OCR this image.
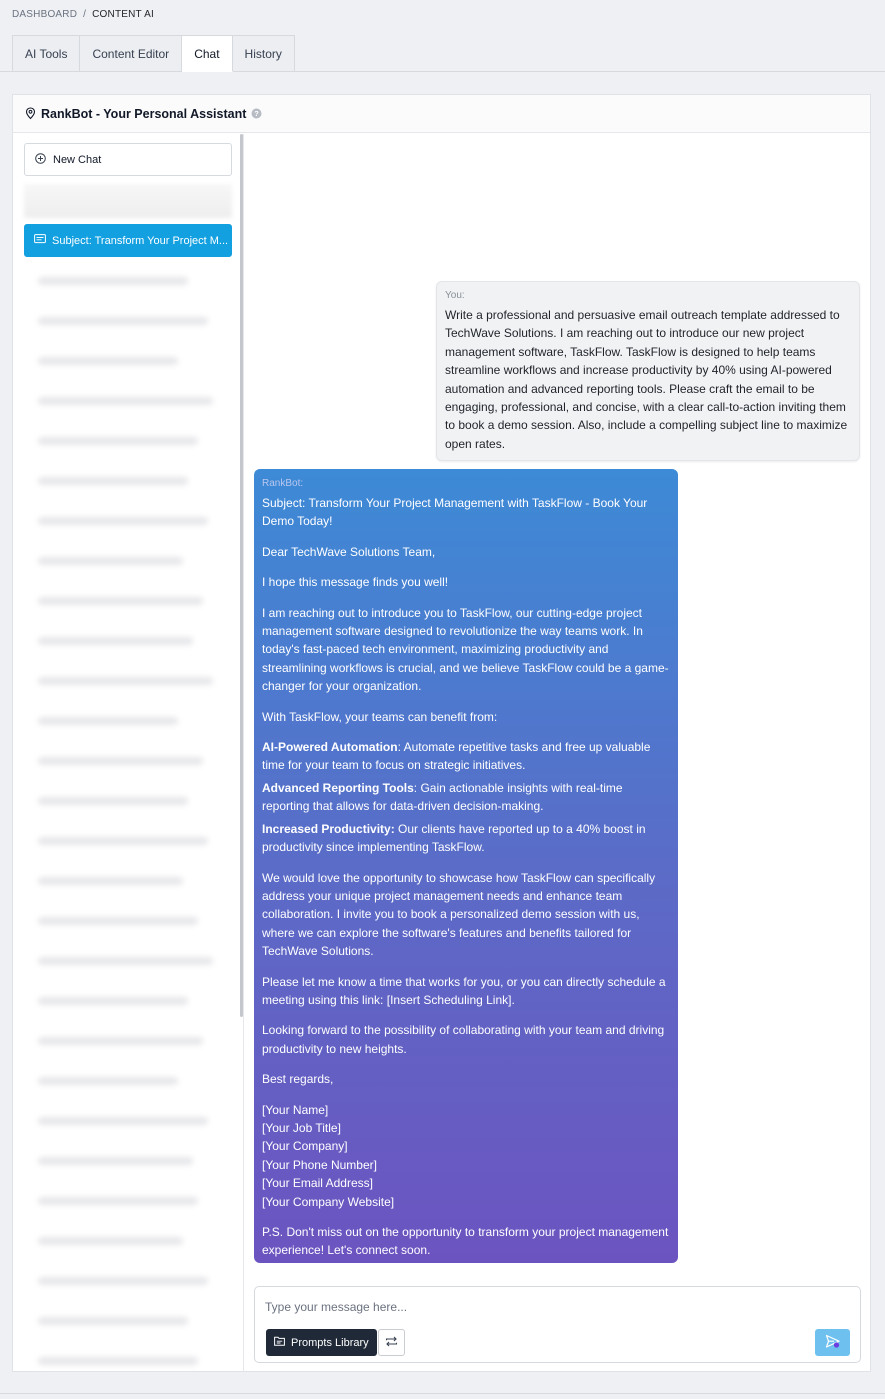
DASHBOARD / CONTENT AI
AI Tools	Content Editor	Chat	History
RankBot - Your Personal Assistant ?
New Chat
Subject: Transform Your Project M...
You:
Write a professional and persuasive email outreach template addressed to TechWave Solutions. I am reaching out to introduce our new project management software, TaskFlow. TaskFlow is designed to help teams streamline workflows and increase productivity by 40% using AI-powered automation and advanced reporting tools. Please craft the email to be engaging, professional, and concise, with a clear call-to-action inviting them to book a demo session. Also, include a compelling subject line to maximize open rates.
RankBot:

Subject: Transform Your Project Management with TaskFlow - Book Your Demo Today!

Dear TechWave Solutions Team,

I hope this message finds you well!

I am reaching out to introduce you to TaskFlow, our cutting-edge project management software designed to revolutionize the way teams work. In today's fast-paced tech environment, maximizing productivity and streamlining workflows is crucial, and we believe TaskFlow could be a game-changer for your organization.

With TaskFlow, your teams can benefit from:

AI-Powered Automation: Automate repetitive tasks and free up valuable time for your team to focus on strategic initiatives.

Advanced Reporting Tools: Gain actionable insights with real-time reporting that allows for data-driven decision-making.

Increased Productivity: Our clients have reported up to a 40% boost in productivity since implementing TaskFlow.

We would love the opportunity to showcase how TaskFlow can specifically address your unique project management needs and enhance team collaboration. I invite you to book a personalized demo session with us, where we can explore the software's features and benefits tailored for TechWave Solutions.

Please let me know a time that works for you, or you can directly schedule a meeting using this link: [Insert Scheduling Link].

Looking forward to the possibility of collaborating with your team and driving productivity to new heights.

Best regards,

[Your Name]
[Your Job Title]
[Your Company]
[Your Phone Number]
[Your Email Address]
[Your Company Website]

P.S. Don't miss out on the opportunity to transform your project management experience! Let's connect soon.

Type your message here...
Prompts Library
